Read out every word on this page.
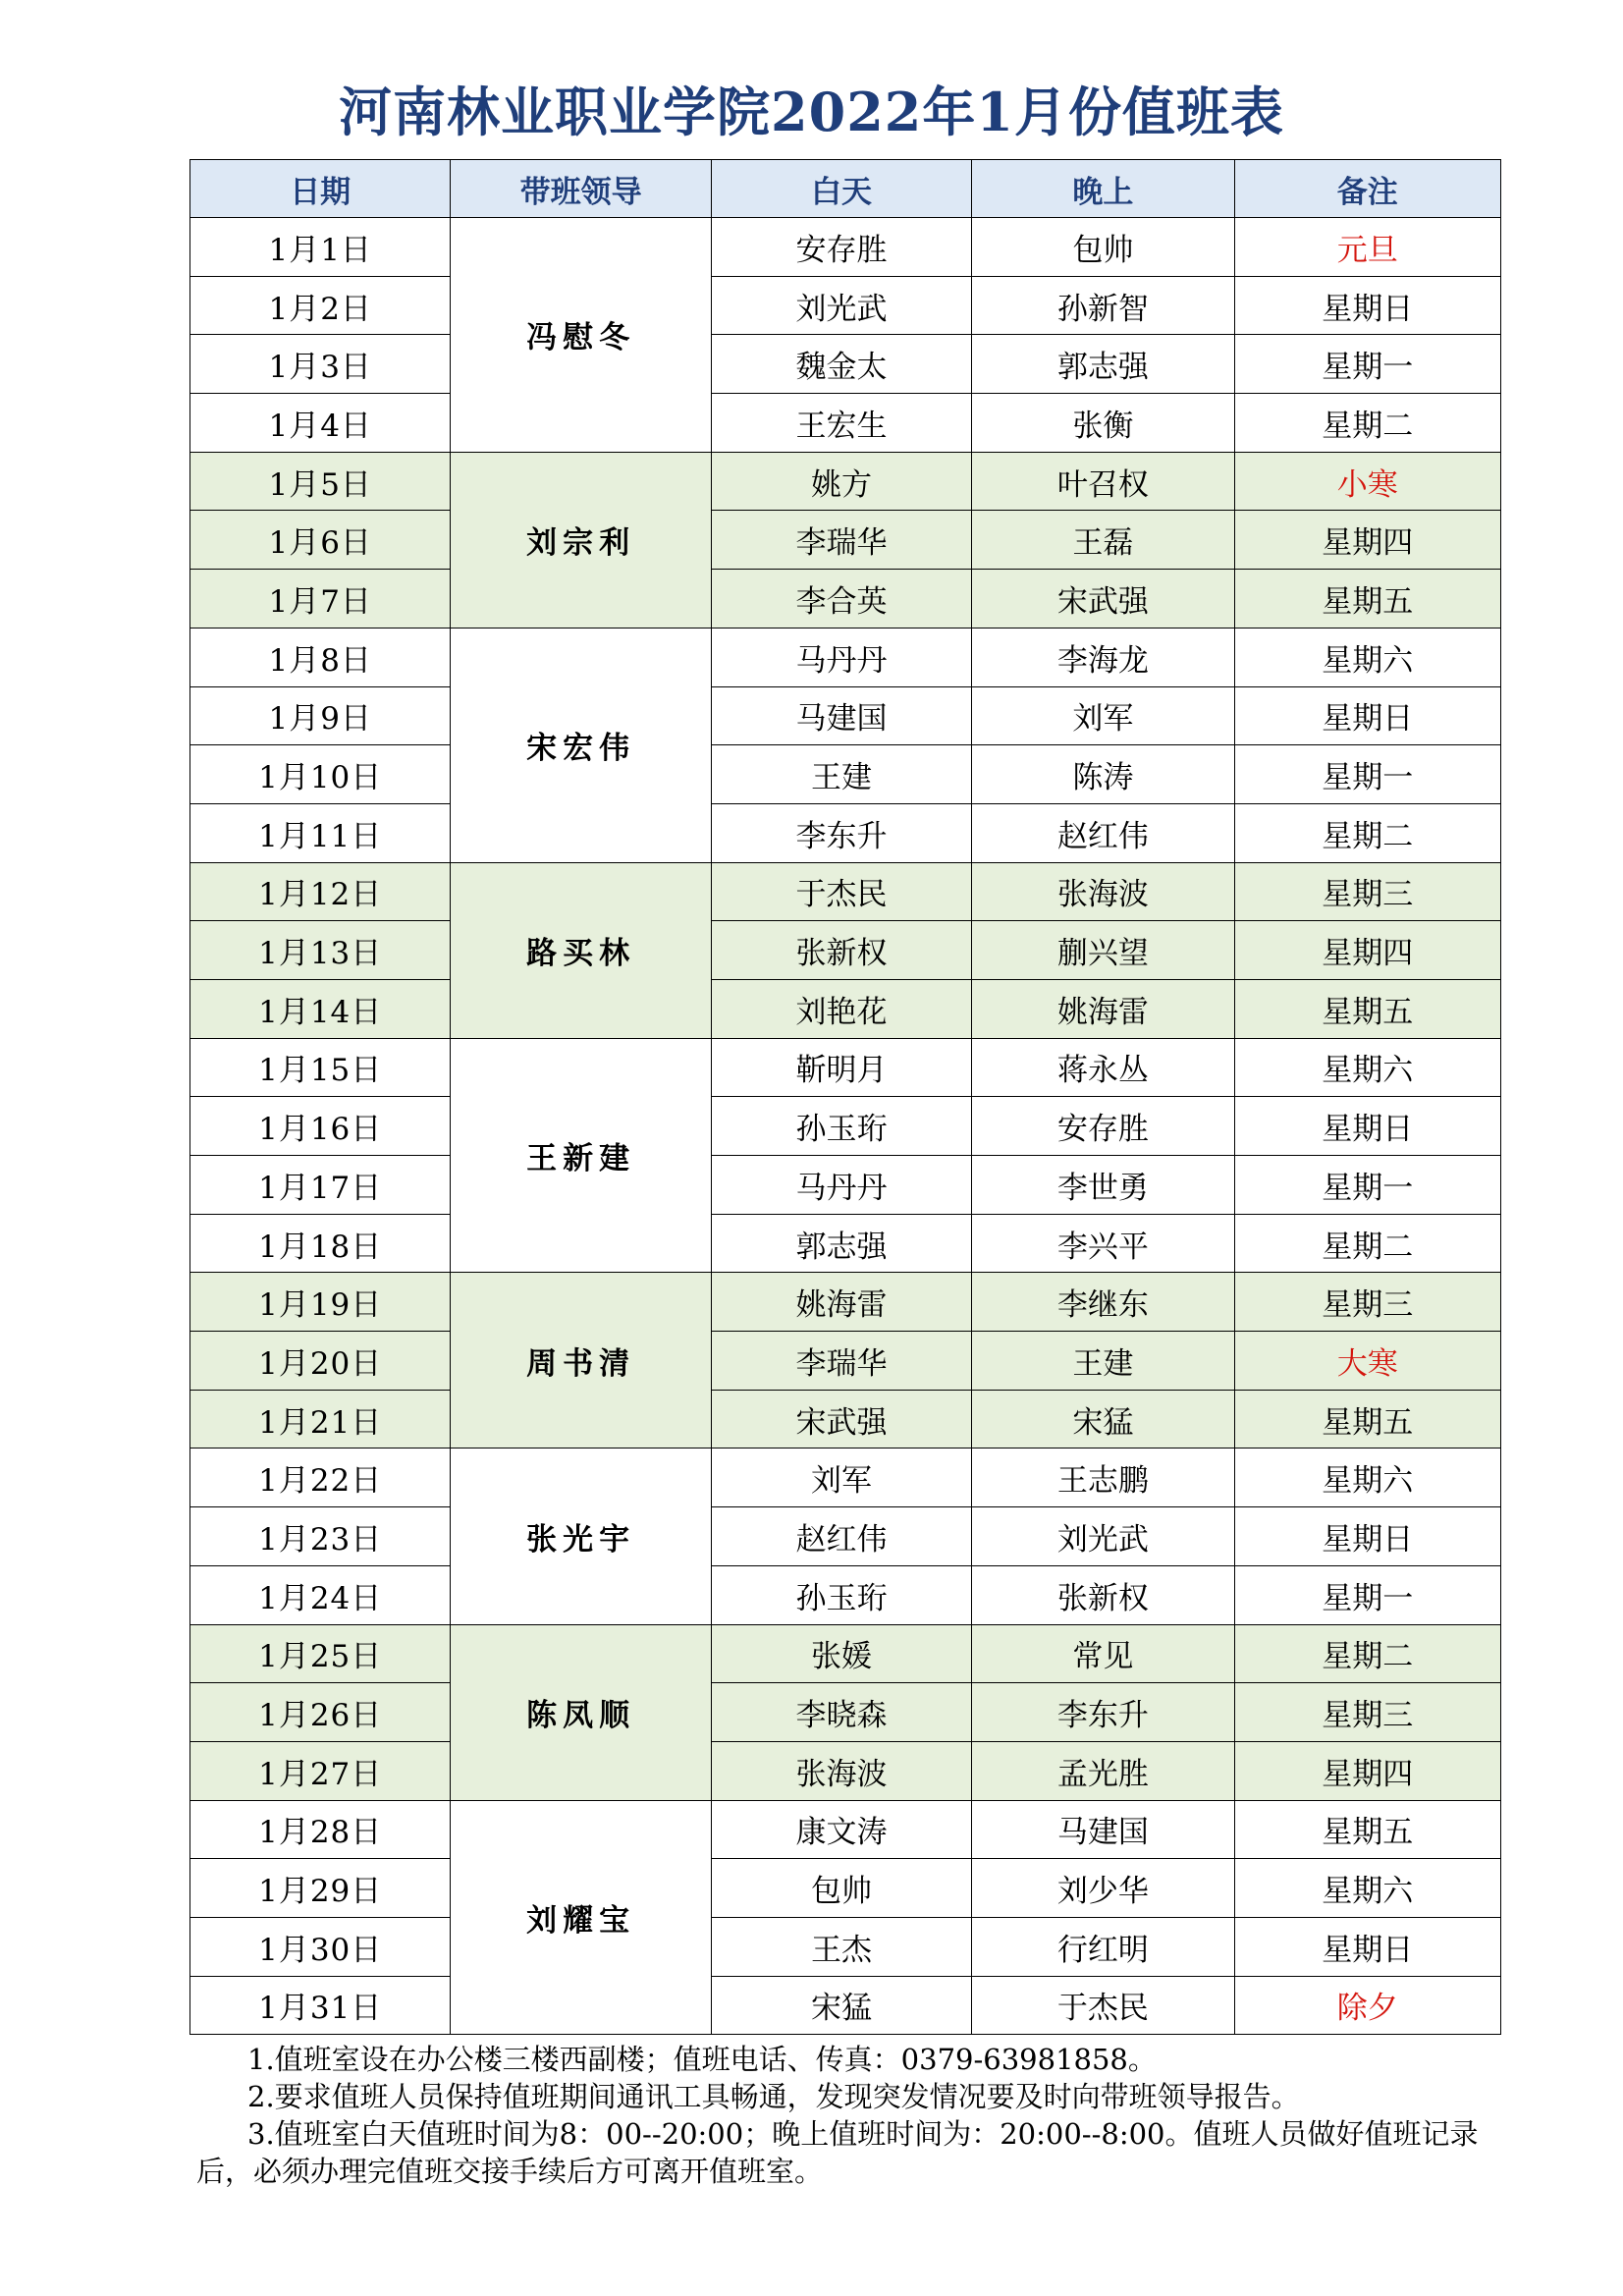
河南林业职业学院2022年1月份值班表
日期	带班领导	白天	晚上	备注
1月1日	冯慰冬	安存胜	包帅	元旦
1月2日		刘光武	孙新智	星期日
1月3日		魏金太	郭志强	星期一
1月4日		王宏生	张衡	星期二
1月5日	刘宗利	姚方	叶召权	小寒
1月6日		李瑞华	王磊	星期四
1月7日		李合英	宋武强	星期五
1月8日	宋宏伟	马丹丹	李海龙	星期六
1月9日		马建国	刘军	星期日
1月10日		王建	陈涛	星期一
1月11日		李东升	赵红伟	星期二
1月12日	路买林	于杰民	张海波	星期三
1月13日		张新权	蒯兴望	星期四
1月14日		刘艳花	姚海雷	星期五
1月15日	王新建	靳明月	蒋永丛	星期六
1月16日		孙玉珩	安存胜	星期日
1月17日		马丹丹	李世勇	星期一
1月18日		郭志强	李兴平	星期二
1月19日	周书清	姚海雷	李继东	星期三
1月20日		李瑞华	王建	大寒
1月21日		宋武强	宋猛	星期五
1月22日	张光宇	刘军	王志鹏	星期六
1月23日		赵红伟	刘光武	星期日
1月24日		孙玉珩	张新权	星期一
1月25日	陈凤顺	张媛	常见	星期二
1月26日		李晓森	李东升	星期三
1月27日		张海波	孟光胜	星期四
1月28日	刘耀宝	康文涛	马建国	星期五
1月29日		包帅	刘少华	星期六
1月30日		王杰	行红明	星期日
1月31日		宋猛	于杰民	除夕

1.值班室设在办公楼三楼西副楼；值班电话、传真：0379-63981858。

2.要求值班人员保持值班期间通讯工具畅通，发现突发情况要及时向带班领导报告。

3.值班室白天值班时间为8：00--20:00；晚上值班时间为：20:00--8:00。值班人员做好值班记录后，必须办理完值班交接手续后方可离开值班室。
